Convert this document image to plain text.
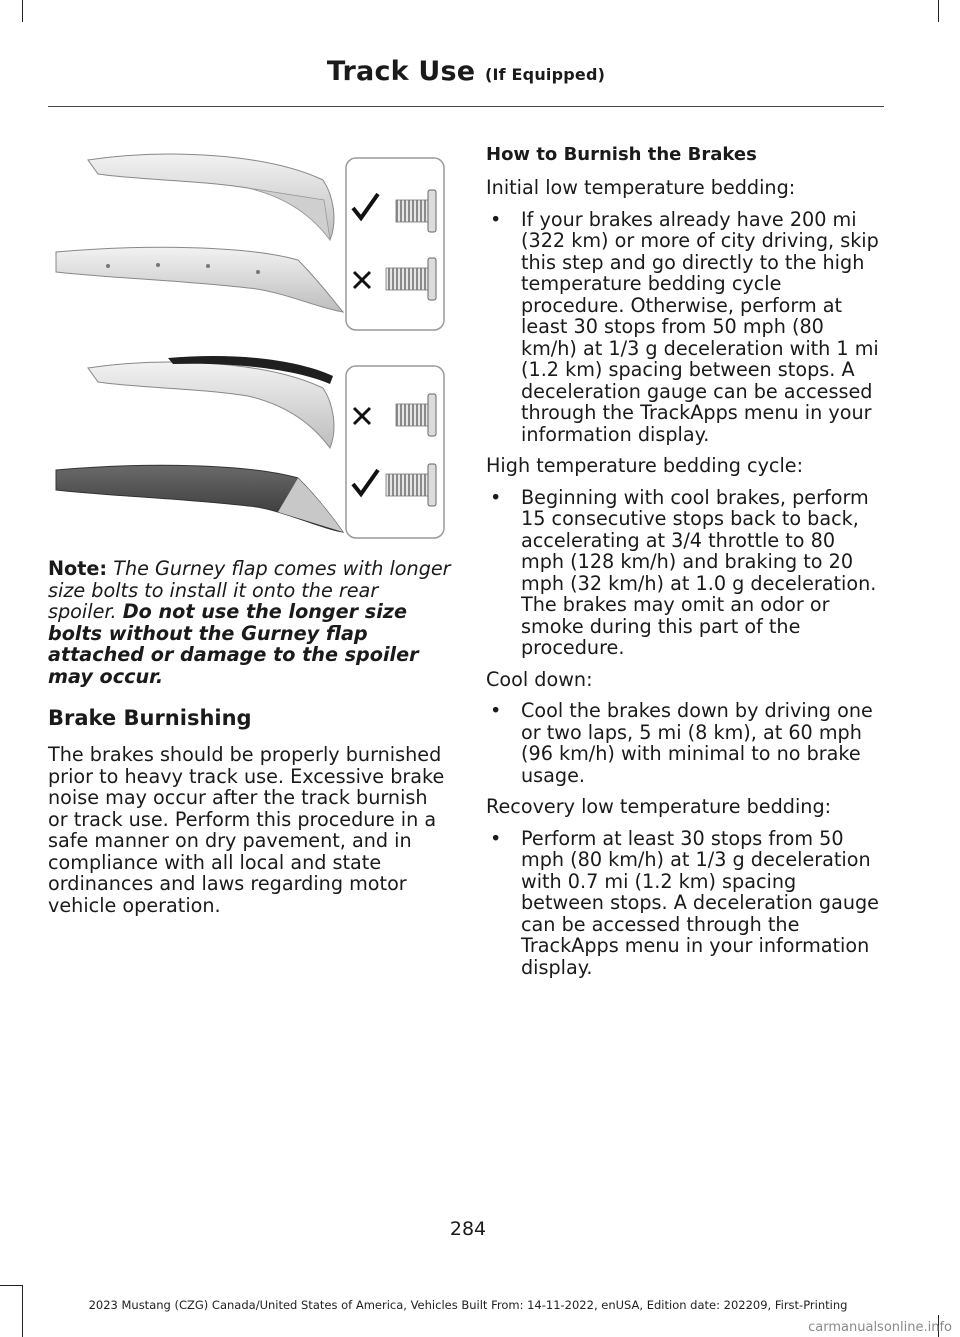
Track Use (If Equipped)

Note: The Gurney flap comes with longer size bolts to install it onto the rear spoiler. Do not use the longer size bolts without the Gurney flap attached or damage to the spoiler may occur.

Brake Burnishing

The brakes should be properly burnished prior to heavy track use. Excessive brake noise may occur after the track burnish or track use. Perform this procedure in a safe manner on dry pavement, and in compliance with all local and state ordinances and laws regarding motor vehicle operation.

How to Burnish the Brakes

Initial low temperature bedding:

• If your brakes already have 200 mi (322 km) or more of city driving, skip this step and go directly to the high temperature bedding cycle procedure. Otherwise, perform at least 30 stops from 50 mph (80 km/h) at 1/3 g deceleration with 1 mi (1.2 km) spacing between stops. A deceleration gauge can be accessed through the TrackApps menu in your information display.

High temperature bedding cycle:

• Beginning with cool brakes, perform 15 consecutive stops back to back, accelerating at 3/4 throttle to 80 mph (128 km/h) and braking to 20 mph (32 km/h) at 1.0 g deceleration. The brakes may omit an odor or smoke during this part of the procedure.

Cool down:

• Cool the brakes down by driving one or two laps, 5 mi (8 km), at 60 mph (96 km/h) with minimal to no brake usage.

Recovery low temperature bedding:

• Perform at least 30 stops from 50 mph (80 km/h) at 1/3 g deceleration with 0.7 mi (1.2 km) spacing between stops. A deceleration gauge can be accessed through the TrackApps menu in your information display.

284
2023 Mustang (CZG) Canada/United States of America, Vehicles Built From: 14-11-2022, enUSA, Edition date: 202209, First-Printing
carmanualsonline.info
